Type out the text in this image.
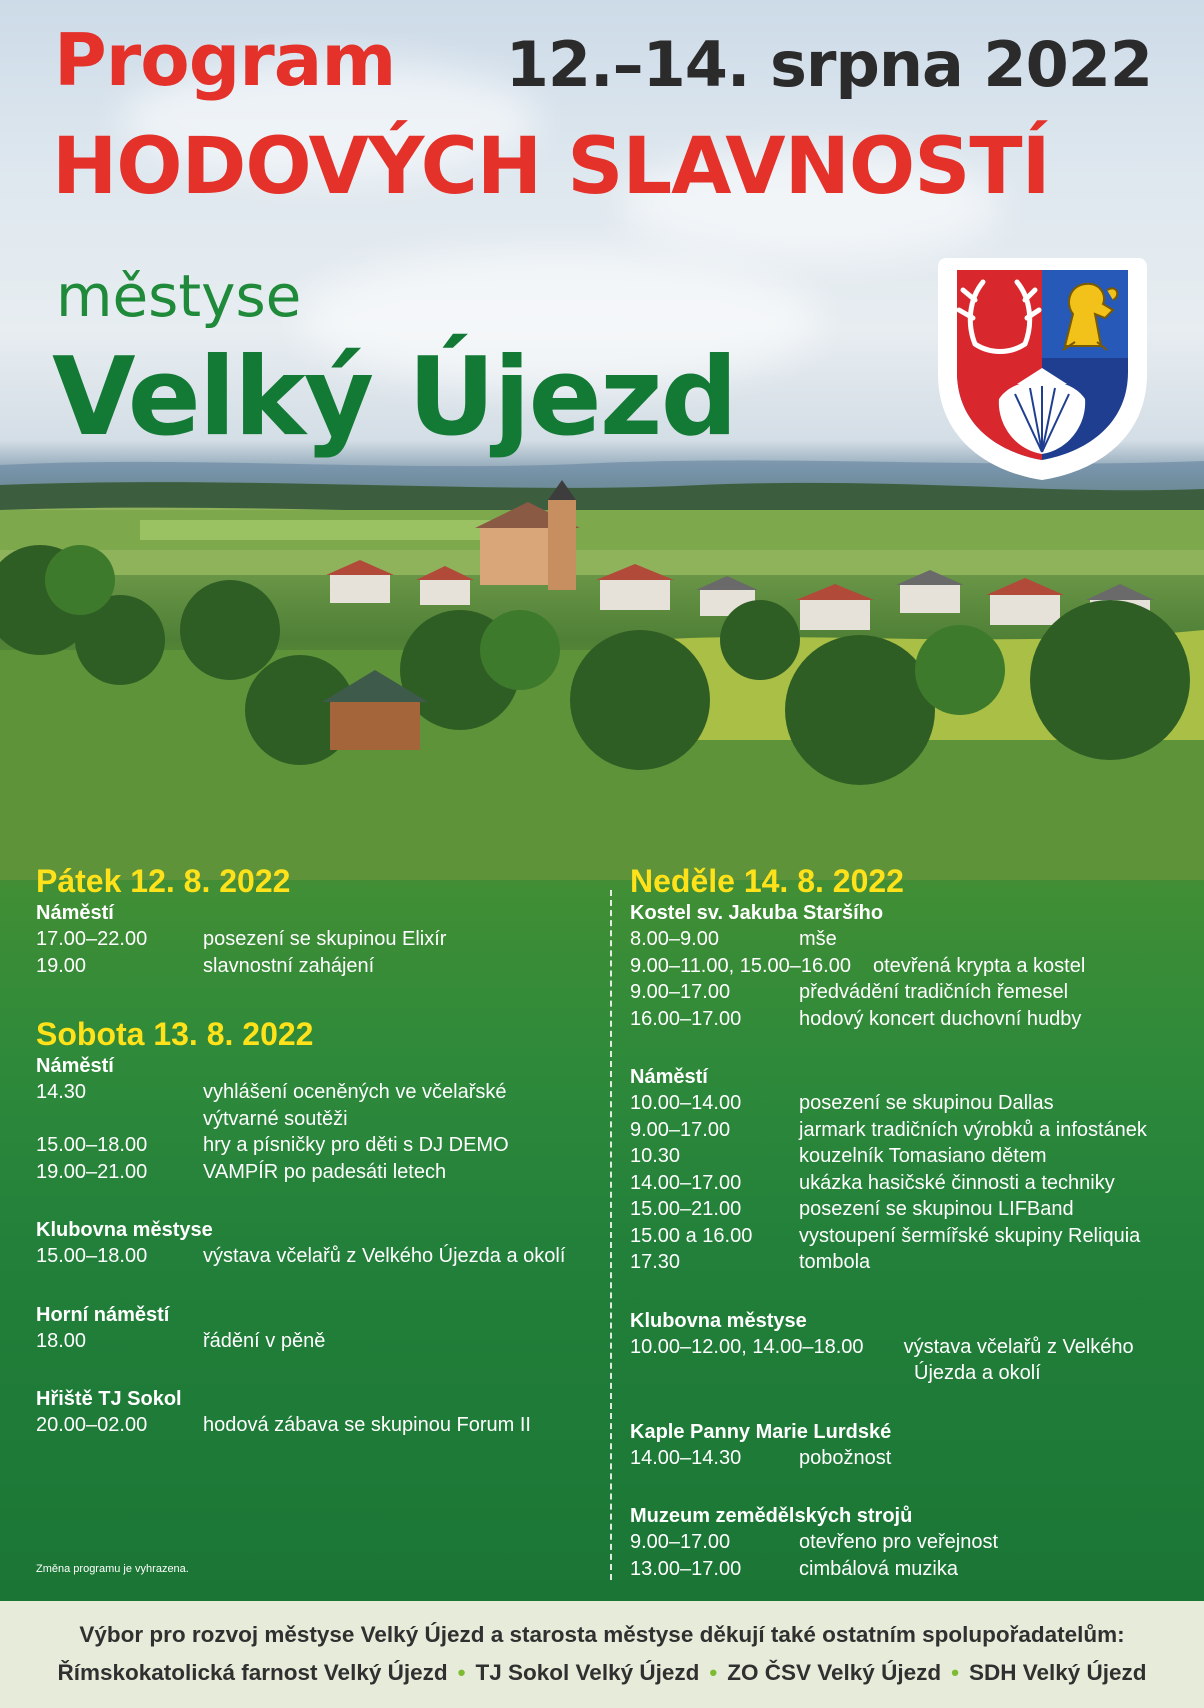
Program 12.–14. srpna 2022
HODOVÝCH SLAVNOSTÍ
městyse
Velký Újezd

Pátek 12. 8. 2022

Náměstí

17.00–22.00	posezení se skupinou Elixír
19.00	slavnostní zahájení

Sobota 13. 8. 2022

Náměstí

14.30	vyhlášení oceněných ve včelařské
výtvarné soutěži
15.00–18.00	hry a písničky pro děti s DJ DEMO
19.00–21.00	VAMPÍR po padesáti letech

Klubovna městyse

15.00–18.00	výstava včelařů z Velkého Újezda a okolí

Horní náměstí

18.00	řádění v pěně

Hřiště TJ Sokol

20.00–02.00	hodová zábava se skupinou Forum II

Neděle 14. 8. 2022

Kostel sv. Jakuba Staršího

8.00–9.00	mše
9.00–11.00, 15.00–16.00	otevřená krypta a kostel
9.00–17.00	předvádění tradičních řemesel
16.00–17.00	hodový koncert duchovní hudby

Náměstí

10.00–14.00	posezení se skupinou Dallas
9.00–17.00	jarmark tradičních výrobků a infostánek
10.30	kouzelník Tomasiano dětem
14.00–17.00	ukázka hasičské činnosti a techniky
15.00–21.00	posezení se skupinou LIFBand
15.00 a 16.00	vystoupení šermířské skupiny Reliquia
17.30	tombola

Klubovna městyse

10.00–12.00, 14.00–18.00	výstava včelařů z Velkého
Újezda a okolí

Kaple Panny Marie Lurdské

14.00–14.30	pobožnost

Muzeum zemědělských strojů

9.00–17.00	otevřeno pro veřejnost
13.00–17.00	cimbálová muzika
Změna programu je vyhrazena.
Výbor pro rozvoj městyse Velký Újezd a starosta městyse děkují také ostatním spolupořadatelům:
Římskokatolická farnost Velký Újezd • TJ Sokol Velký Újezd • ZO ČSV Velký Újezd • SDH Velký Újezd
